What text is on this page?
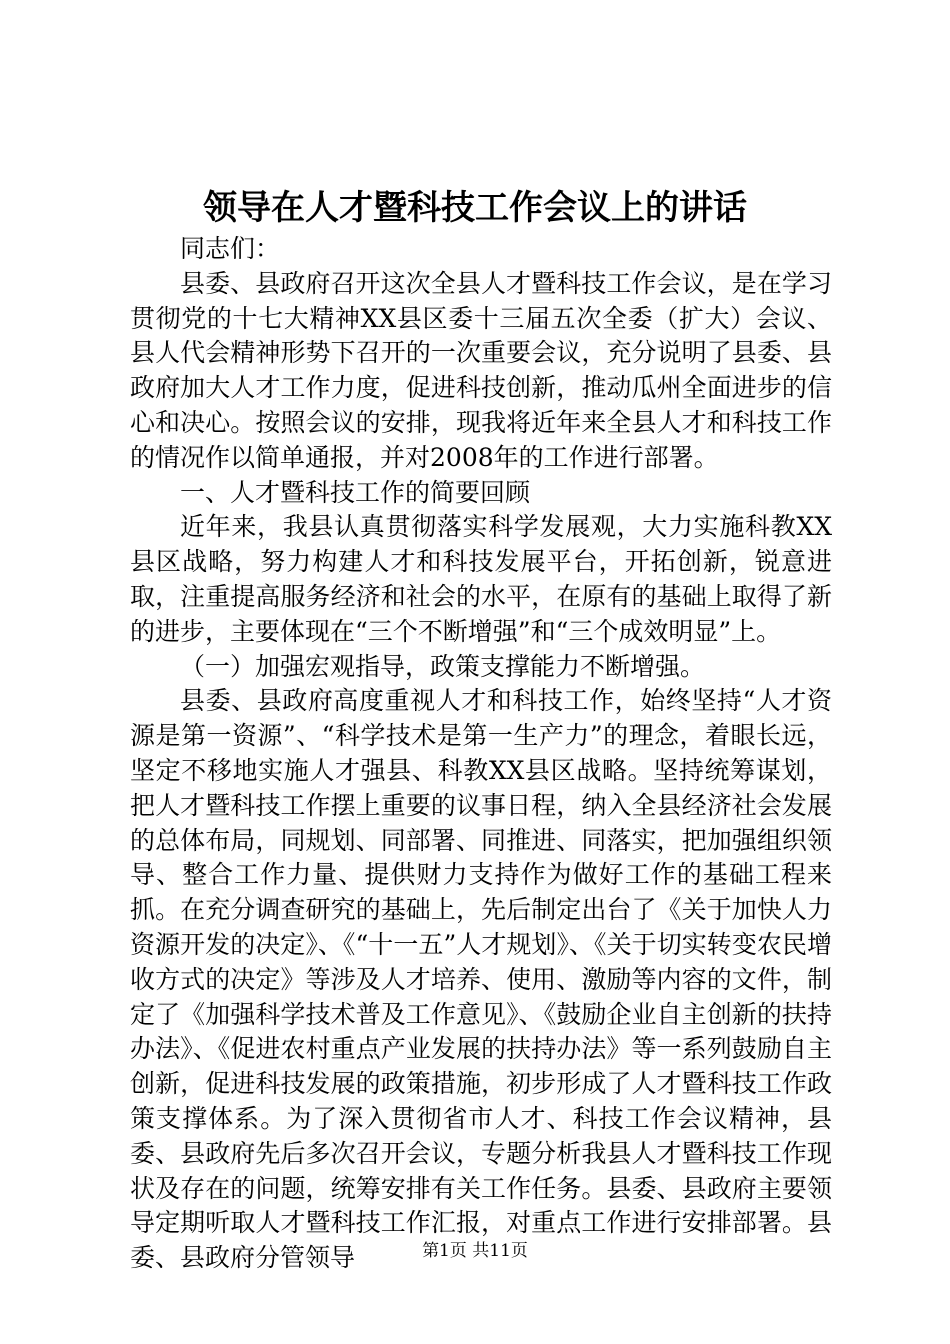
领导在人才暨科技工作会议上的讲话

同志们：

县委、县政府召开这次全县人才暨科技工作会议，是在学习贯彻党的十七大精神XX县区委十三届五次全委（扩大）会议、县人代会精神形势下召开的一次重要会议，充分说明了县委、县政府加大人才工作力度，促进科技创新，推动瓜州全面进步的信心和决心。按照会议的安排，现我将近年来全县人才和科技工作的情况作以简单通报，并对2008年的工作进行部署。

一、人才暨科技工作的简要回顾

近年来，我县认真贯彻落实科学发展观，大力实施科教XX县区战略，努力构建人才和科技发展平台，开拓创新，锐意进取，注重提高服务经济和社会的水平，在原有的基础上取得了新的进步，主要体现在“三个不断增强”和“三个成效明显”上。

（一）加强宏观指导，政策支撑能力不断增强。

县委、县政府高度重视人才和科技工作，始终坚持“人才资源是第一资源”、“科学技术是第一生产力”的理念，着眼长远，坚定不移地实施人才强县、科教XX县区战略。坚持统筹谋划，把人才暨科技工作摆上重要的议事日程，纳入全县经济社会发展的总体布局，同规划、同部署、同推进、同落实，把加强组织领导、整合工作力量、提供财力支持作为做好工作的基础工程来抓。在充分调查研究的基础上，先后制定出台了《关于加快人力资源开发的决定》、《“十一五”人才规划》、《关于切实转变农民增收方式的决定》等涉及人才培养、使用、激励等内容的文件，制定了《加强科学技术普及工作意见》、《鼓励企业自主创新的扶持办法》、《促进农村重点产业发展的扶持办法》等一系列鼓励自主创新，促进科技发展的政策措施，初步形成了人才暨科技工作政策支撑体系。为了深入贯彻省市人才、科技工作会议精神，县委、县政府先后多次召开会议，专题分析我县人才暨科技工作现状及存在的问题，统筹安排有关工作任务。县委、县政府主要领导定期听取人才暨科技工作汇报，对重点工作进行安排部署。县委、县政府分管领导	第1页 共11页
